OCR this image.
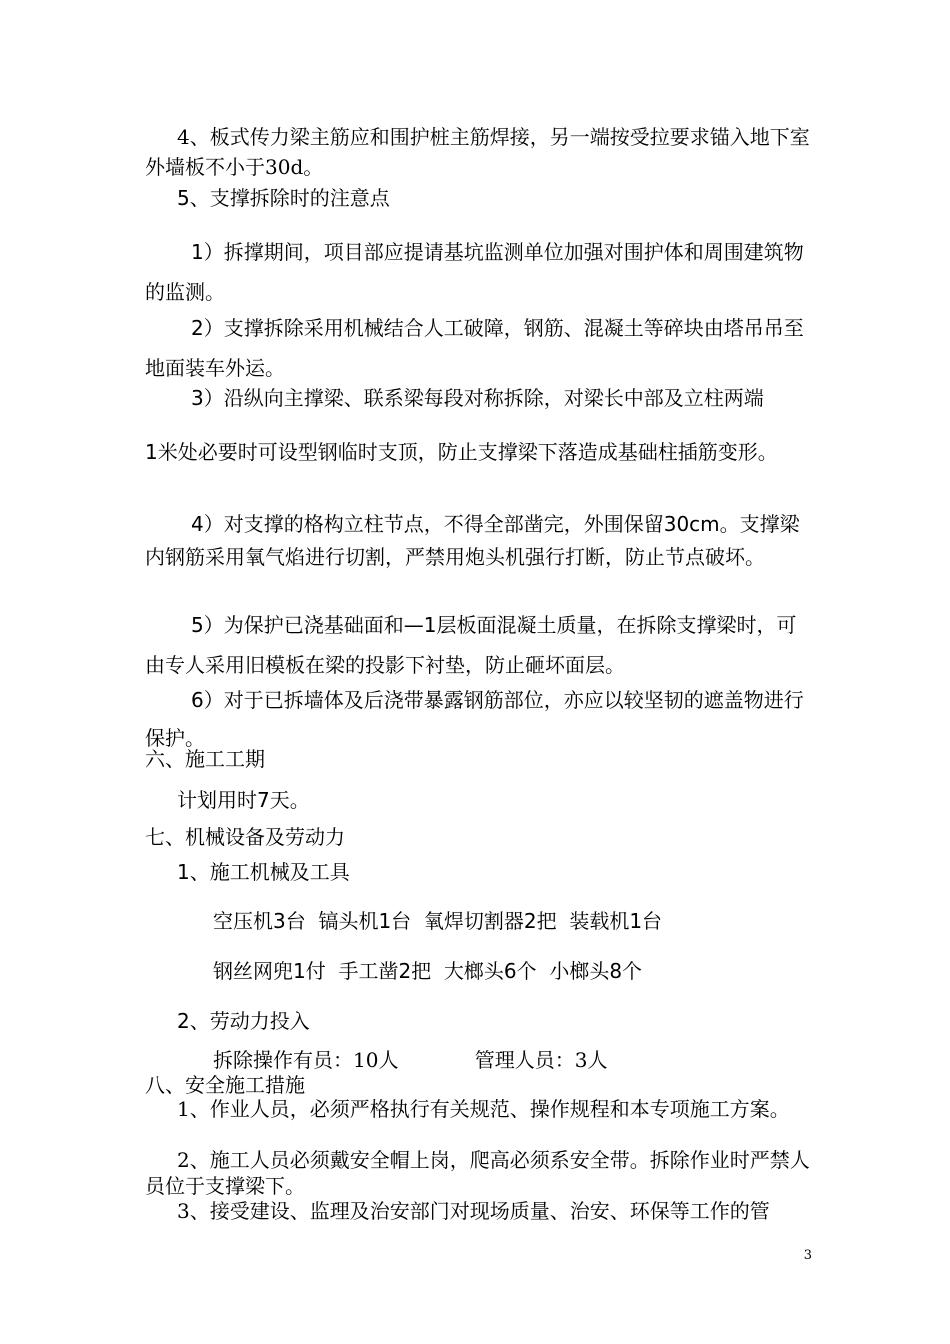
4、板式传力梁主筋应和围护桩主筋焊接，另一端按受拉要求锚入地下室外墙板不小于30d。

5、支撑拆除时的注意点

1）拆撑期间，项目部应提请基坑监测单位加强对围护体和周围建筑物的监测。

2）支撑拆除采用机械结合人工破障，钢筋、混凝土等碎块由塔吊吊至地面装车外运。

3）沿纵向主撑梁、联系梁每段对称拆除，对梁长中部及立柱两端

1米处必要时可设型钢临时支顶，防止支撑梁下落造成基础柱插筋变形。

4）对支撑的格构立柱节点，不得全部凿完，外围保留30cm。支撑梁内钢筋采用氧气焰进行切割，严禁用炮头机强行打断，防止节点破坏。

5）为保护已浇基础面和—1层板面混凝土质量，在拆除支撑梁时，可由专人采用旧模板在梁的投影下衬垫，防止砸坏面层。

6）对于已拆墙体及后浇带暴露钢筋部位，亦应以较坚韧的遮盖物进行保护。

六、施工工期

计划用时7天。

七、机械设备及劳动力

1、施工机械及工具

空压机3台  镐头机1台  氧焊切割器2把  装载机1台

钢丝网兜1付  手工凿2把  大榔头6个  小榔头8个

2、劳动力投入

拆除操作有员：10人            管理人员：3人

八、安全施工措施

1、作业人员，必须严格执行有关规范、操作规程和本专项施工方案。

2、施工人员必须戴安全帽上岗，爬高必须系安全带。拆除作业时严禁人员位于支撑梁下。

3、接受建设、监理及治安部门对现场质量、治安、环保等工作的管

3
